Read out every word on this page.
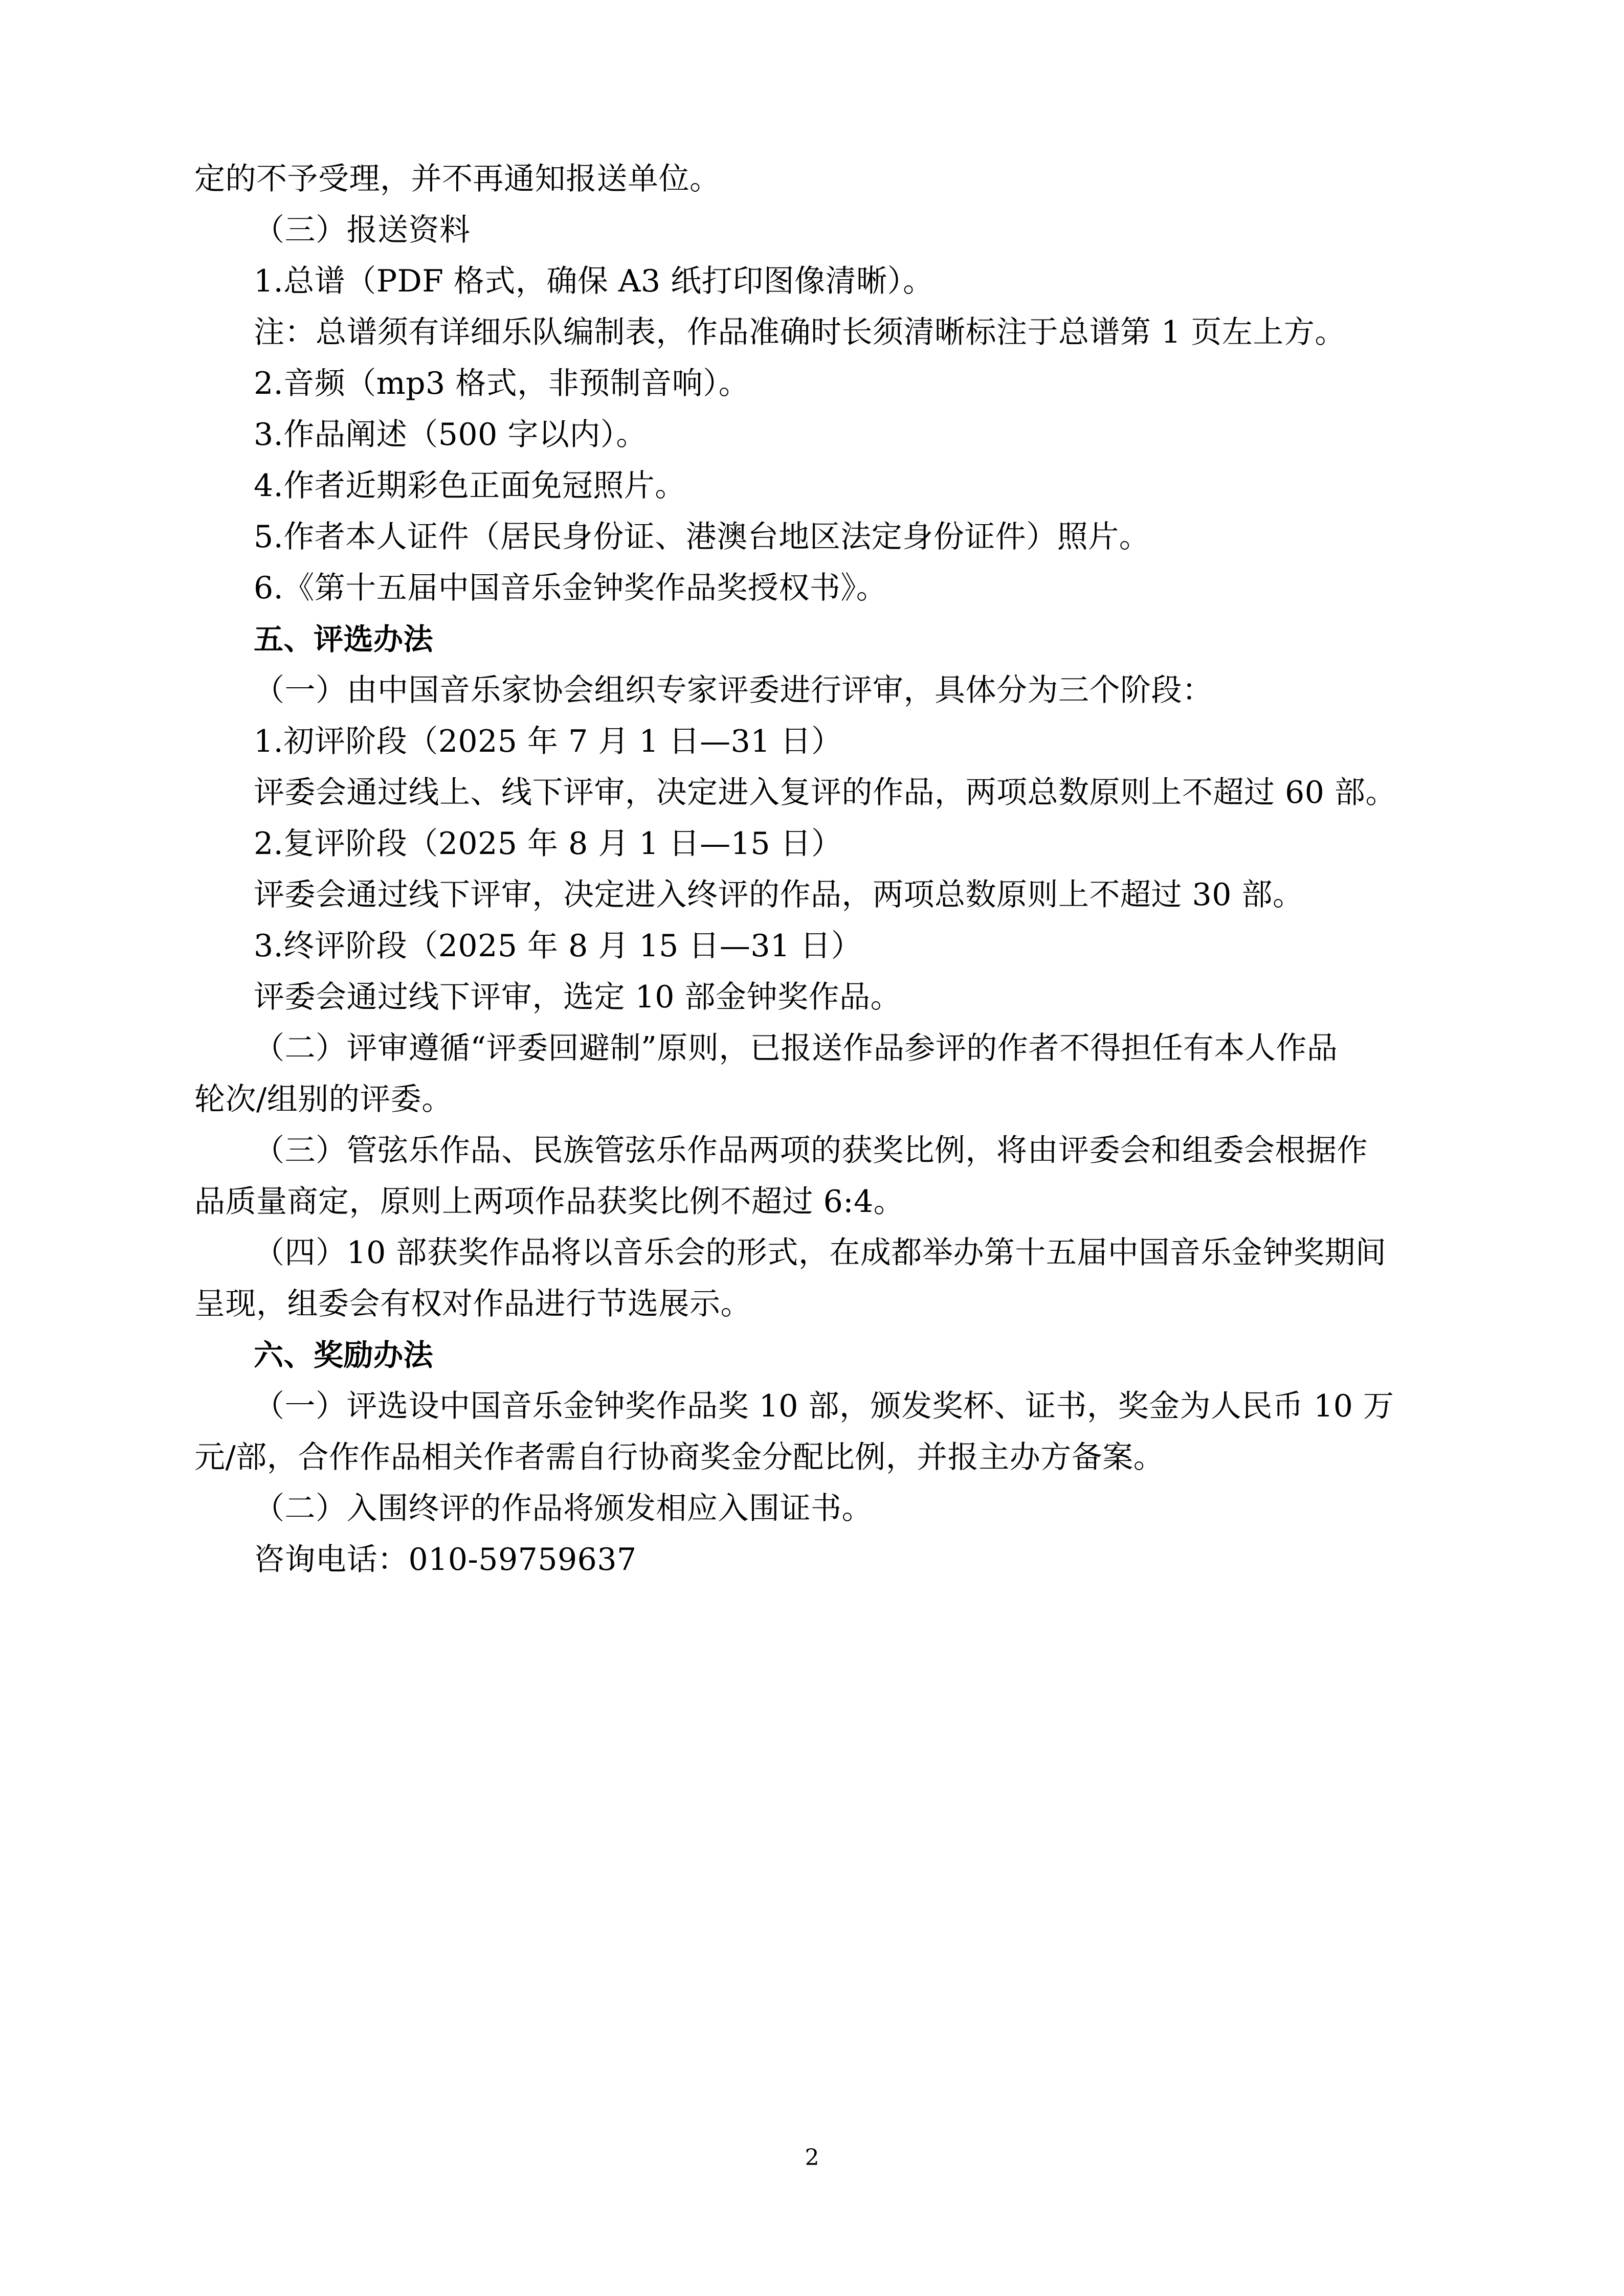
定的不予受理，并不再通知报送单位。
（三）报送资料
1.总谱（PDF 格式，确保 A3 纸打印图像清晰）。
注：总谱须有详细乐队编制表，作品准确时长须清晰标注于总谱第 1 页左上方。
2.音频（mp3 格式，非预制音响）。
3.作品阐述（500 字以内）。
4.作者近期彩色正面免冠照片。
5.作者本人证件（居民身份证、港澳台地区法定身份证件）照片。
6.《第十五届中国音乐金钟奖作品奖授权书》。
五、评选办法
（一）由中国音乐家协会组织专家评委进行评审，具体分为三个阶段：
1.初评阶段（2025 年 7 月 1 日—31 日）
评委会通过线上、线下评审，决定进入复评的作品，两项总数原则上不超过 60 部。
2.复评阶段（2025 年 8 月 1 日—15 日）
评委会通过线下评审，决定进入终评的作品，两项总数原则上不超过 30 部。
3.终评阶段（2025 年 8 月 15 日—31 日）
评委会通过线下评审，选定 10 部金钟奖作品。
（二）评审遵循“评委回避制”原则，已报送作品参评的作者不得担任有本人作品
轮次/组别的评委。
（三）管弦乐作品、民族管弦乐作品两项的获奖比例，将由评委会和组委会根据作
品质量商定，原则上两项作品获奖比例不超过 6:4。
（四）10 部获奖作品将以音乐会的形式，在成都举办第十五届中国音乐金钟奖期间
呈现，组委会有权对作品进行节选展示。
六、奖励办法
（一）评选设中国音乐金钟奖作品奖 10 部，颁发奖杯、证书，奖金为人民币 10 万
元/部，合作作品相关作者需自行协商奖金分配比例，并报主办方备案。
（二）入围终评的作品将颁发相应入围证书。
咨询电话：010-59759637
2
